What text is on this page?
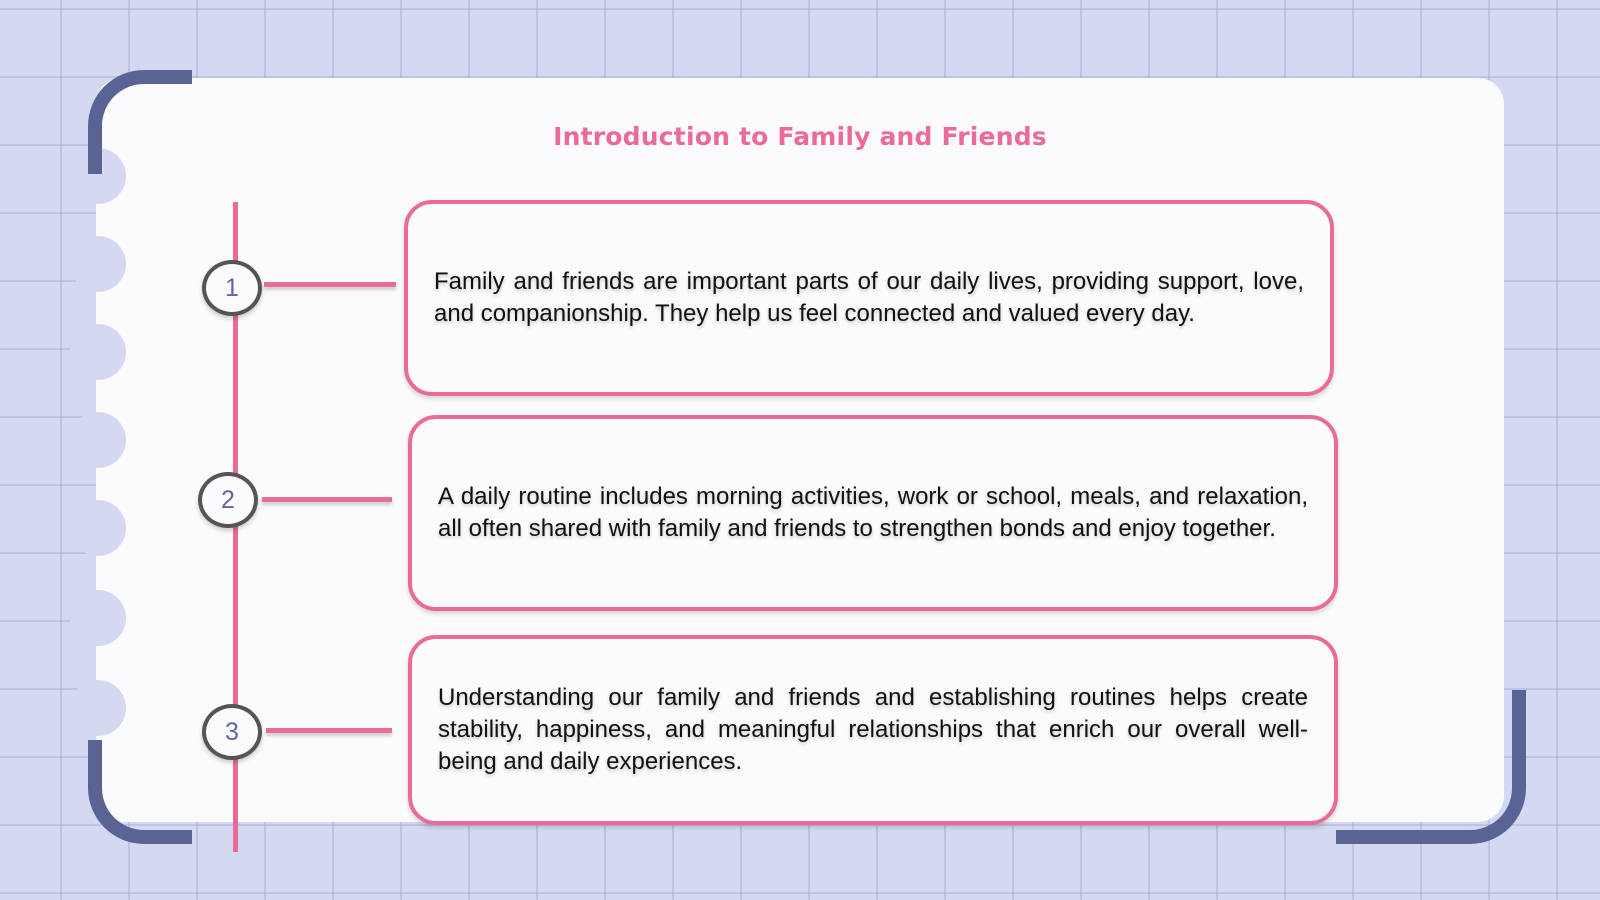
Introduction to Family and Friends
1	Family and friends are important parts of our daily lives, providing support, love, and companionship. They help us feel connected and valued every day.

2	A daily routine includes morning activities, work or school, meals, and relaxation, all often shared with family and friends to strengthen bonds and enjoy together.

3

Understanding our family and friends and establishing routines helps create stability, happiness, and meaningful relationships that enrich our overall well-being and daily experiences.
